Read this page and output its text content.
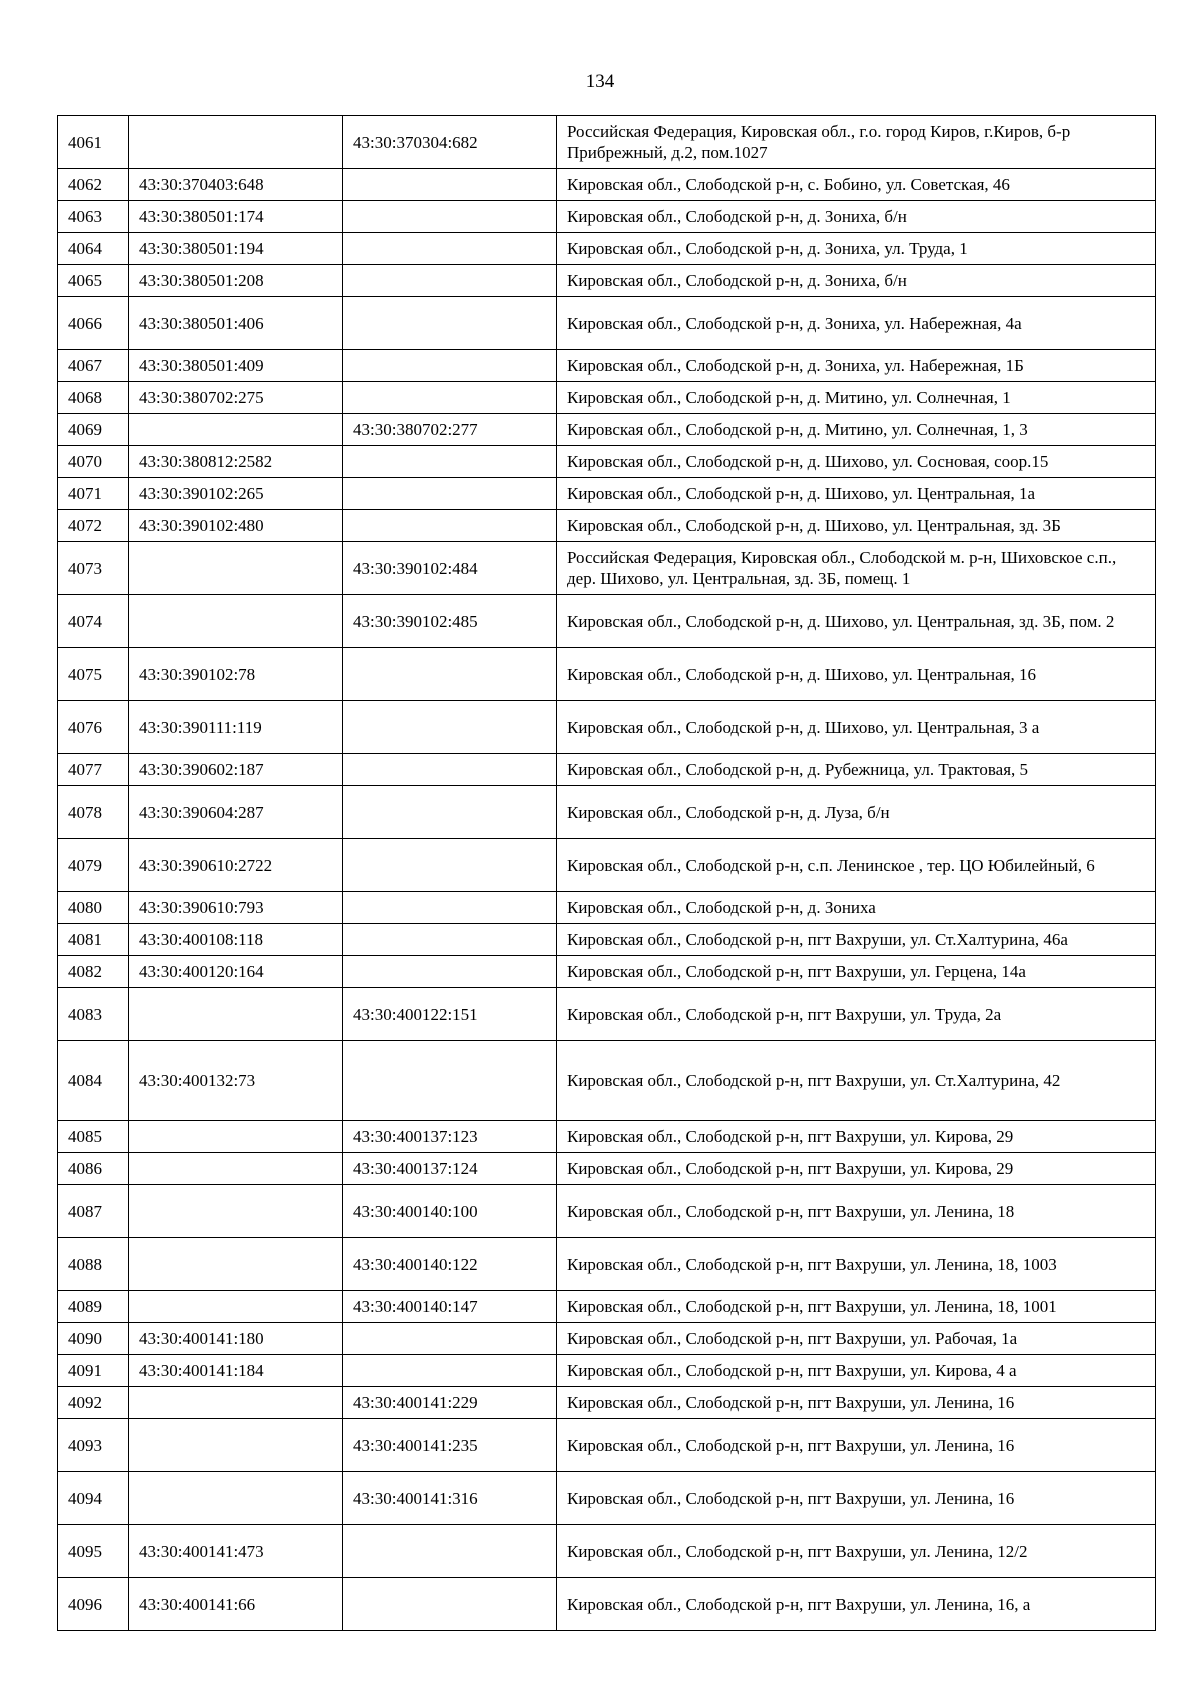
134
4061		43:30:370304:682	Российская Федерация, Кировская обл., г.о. город Киров, г.Киров, б-р Прибрежный, д.2, пом.1027
4062	43:30:370403:648		Кировская обл., Слободской р-н, с. Бобино, ул. Советская, 46
4063	43:30:380501:174		Кировская обл., Слободской р-н, д. Зониха, б/н
4064	43:30:380501:194		Кировская обл., Слободской р-н, д. Зониха, ул. Труда, 1
4065	43:30:380501:208		Кировская обл., Слободской р-н, д. Зониха, б/н
4066	43:30:380501:406		Кировская обл., Слободской р-н, д. Зониха, ул. Набережная, 4а
4067	43:30:380501:409		Кировская обл., Слободской р-н, д. Зониха, ул. Набережная, 1Б
4068	43:30:380702:275		Кировская обл., Слободской р-н, д. Митино, ул. Солнечная, 1
4069		43:30:380702:277	Кировская обл., Слободской р-н, д. Митино, ул. Солнечная, 1, 3
4070	43:30:380812:2582		Кировская обл., Слободской р-н, д. Шихово, ул. Сосновая, соор.15
4071	43:30:390102:265		Кировская обл., Слободской р-н, д. Шихово, ул. Центральная, 1а
4072	43:30:390102:480		Кировская обл., Слободской р-н, д. Шихово, ул. Центральная, зд. 3Б
4073		43:30:390102:484	Российская Федерация, Кировская обл., Слободской м. р-н, Шиховское с.п., дер. Шихово, ул. Центральная, зд. 3Б, помещ. 1
4074		43:30:390102:485	Кировская обл., Слободской р-н, д. Шихово, ул. Центральная, зд. 3Б, пом. 2
4075	43:30:390102:78		Кировская обл., Слободской р-н, д. Шихово, ул. Центральная, 16
4076	43:30:390111:119		Кировская обл., Слободской р-н, д. Шихово, ул. Центральная, 3 а
4077	43:30:390602:187		Кировская обл., Слободской р-н, д. Рубежница, ул. Трактовая, 5
4078	43:30:390604:287		Кировская обл., Слободской р-н, д. Луза, б/н
4079	43:30:390610:2722		Кировская обл., Слободской р-н, с.п. Ленинское , тер. ЦО Юбилейный, 6
4080	43:30:390610:793		Кировская обл., Слободской р-н, д. Зониха
4081	43:30:400108:118		Кировская обл., Слободской р-н, пгт Вахруши, ул. Ст.Халтурина, 46а
4082	43:30:400120:164		Кировская обл., Слободской р-н, пгт Вахруши, ул. Герцена, 14а
4083		43:30:400122:151	Кировская обл., Слободской р-н, пгт Вахруши, ул. Труда, 2а
4084	43:30:400132:73		Кировская обл., Слободской р-н, пгт Вахруши, ул. Ст.Халтурина, 42
4085		43:30:400137:123	Кировская обл., Слободской р-н, пгт Вахруши, ул. Кирова, 29
4086		43:30:400137:124	Кировская обл., Слободской р-н, пгт Вахруши, ул. Кирова, 29
4087		43:30:400140:100	Кировская обл., Слободской р-н, пгт Вахруши, ул. Ленина, 18
4088		43:30:400140:122	Кировская обл., Слободской р-н, пгт Вахруши, ул. Ленина, 18, 1003
4089		43:30:400140:147	Кировская обл., Слободской р-н, пгт Вахруши, ул. Ленина, 18, 1001
4090	43:30:400141:180		Кировская обл., Слободской р-н, пгт Вахруши, ул. Рабочая, 1а
4091	43:30:400141:184		Кировская обл., Слободской р-н, пгт Вахруши, ул. Кирова, 4 а
4092		43:30:400141:229	Кировская обл., Слободской р-н, пгт Вахруши, ул. Ленина, 16
4093		43:30:400141:235	Кировская обл., Слободской р-н, пгт Вахруши, ул. Ленина, 16
4094		43:30:400141:316	Кировская обл., Слободской р-н, пгт Вахруши, ул. Ленина, 16
4095	43:30:400141:473		Кировская обл., Слободской р-н, пгт Вахруши, ул. Ленина, 12/2
4096	43:30:400141:66		Кировская обл., Слободской р-н, пгт Вахруши, ул. Ленина, 16, а
